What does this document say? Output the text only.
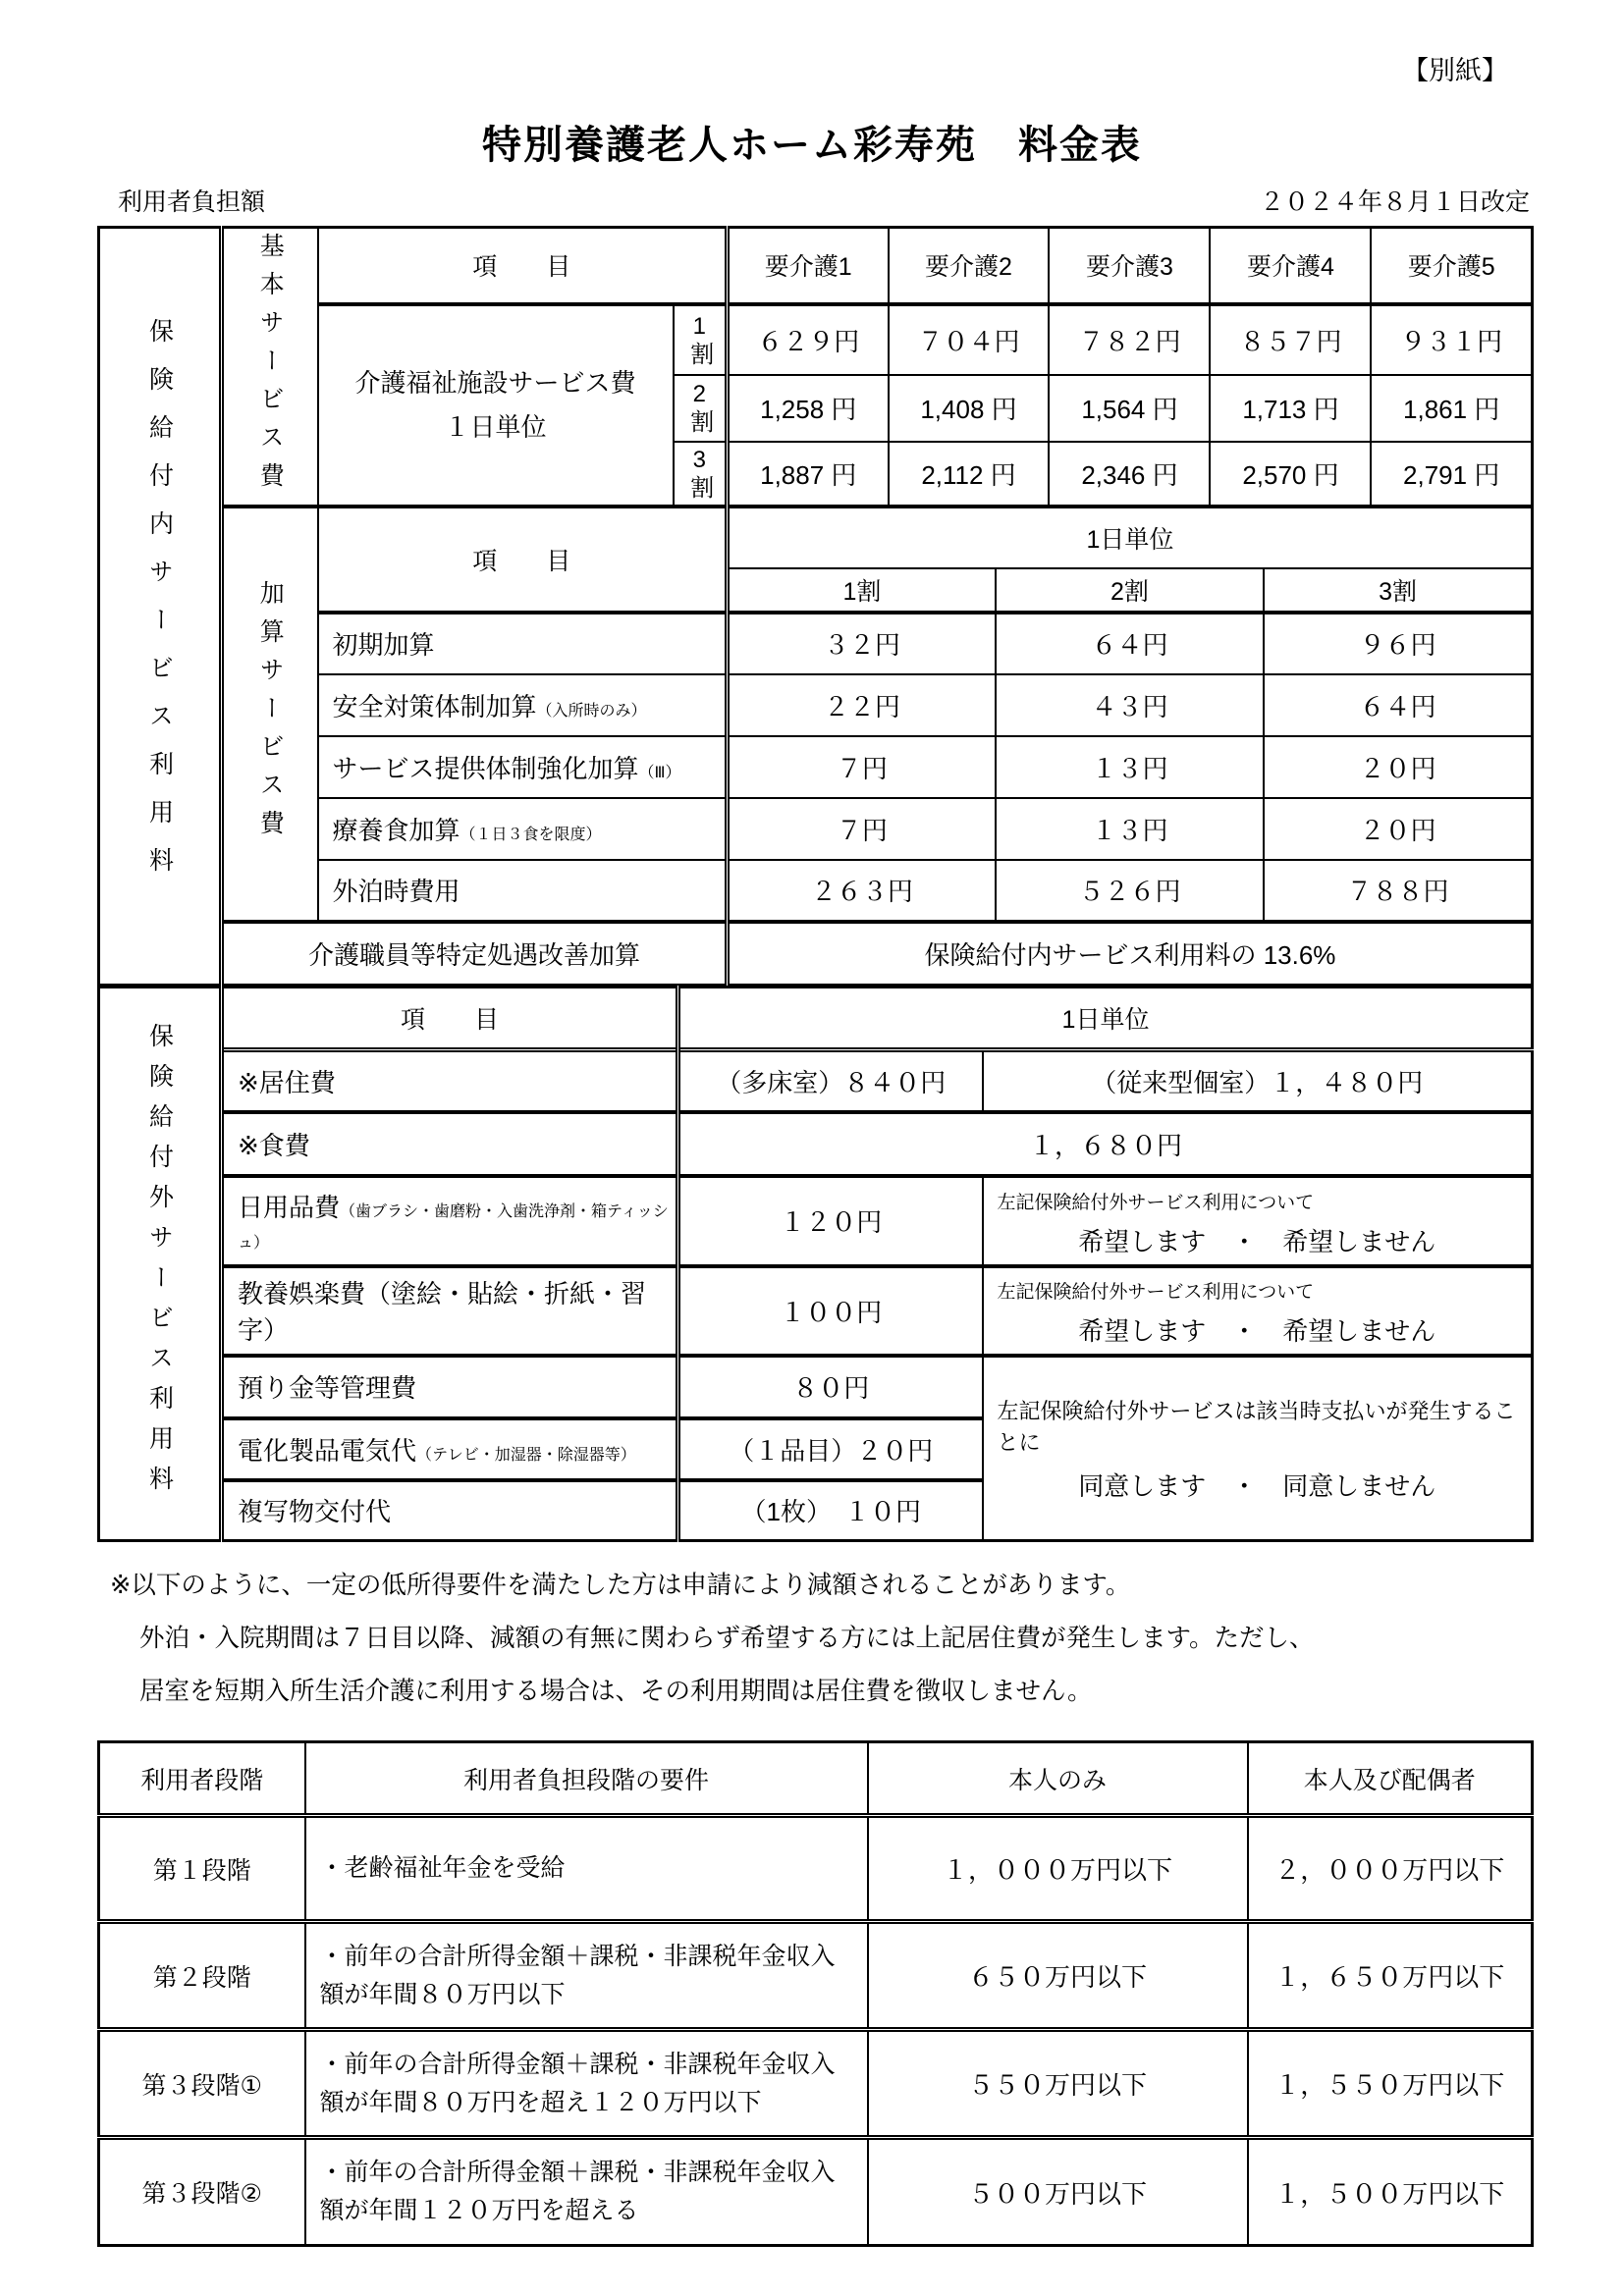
【別紙】
特別養護老人ホーム彩寿苑　料金表
利用者負担額	２０２４年８月１日改定
保険給付内サービス利用料	基本サービス費	項　　目		要介護1	要介護2		要介護3	要介護4		要介護5

		介護福祉施設サービス費
１日単位	1割	６２９円	７０４円		７８２円	８５７円		９３１円
			2割	1,258 円	1,408 円		1,564 円	1,713 円		1,861 円
			3割	1,887 円	2,112 円		2,346 円	2,570 円		2,791 円
	加算サービス費	項　　目		1日単位						
				1割		2割			3割	
		初期加算		３２円		６４円			９６円	
		安全対策体制加算（入所時のみ）		２２円		４３円			６４円	
		サービス提供体制強化加算（Ⅲ）		７円		１３円			２０円	
		療養食加算（１日３食を限度）		７円		１３円			２０円	
		外泊時費用		２６３円		５２６円			７８８円	
	介護職員等特定処遇改善加算			保険給付内サービス利用料の 13.6%						
保険給付外サービス利用料	項　　目	1日単位	
	※居住費	（多床室）８４０円	（従来型個室）１，４８０円
	※食費	１，６８０円	
	日用品費（歯ブラシ・歯磨粉・入歯洗浄剤・箱ティッシュ）	１２０円	左記保険給付外サービス利用について
希望します　・　希望しません

	教養娯楽費（塗絵・貼絵・折紙・習字）	１００円	左記保険給付外サービス利用について
希望します　・　希望しません

	預り金等管理費	８０円	左記保険給付外サービスは該当時支払いが発生することに
同意します　・　同意しません

	電化製品電気代（テレビ・加湿器・除湿器等）	（１品目）２０円	
	複写物交付代	（1枚）　１０円	
※以下のように、一定の低所得要件を満たした方は申請により減額されることがあります。
外泊・入院期間は７日目以降、減額の有無に関わらず希望する方には上記居住費が発生します。ただし、
居室を短期入所生活介護に利用する場合は、その利用期間は居住費を徴収しません。
利用者段階	利用者負担段階の要件	本人のみ	本人及び配偶者
第１段階	・老齢福祉年金を受給	１，０００万円以下	２，０００万円以下
第２段階	・前年の合計所得金額＋課税・非課税年金収入額が年間８０万円以下	６５０万円以下	１，６５０万円以下
第３段階①	・前年の合計所得金額＋課税・非課税年金収入額が年間８０万円を超え１２０万円以下	５５０万円以下	１，５５０万円以下
第３段階②	・前年の合計所得金額＋課税・非課税年金収入額が年間１２０万円を超える	５００万円以下	１，５００万円以下
